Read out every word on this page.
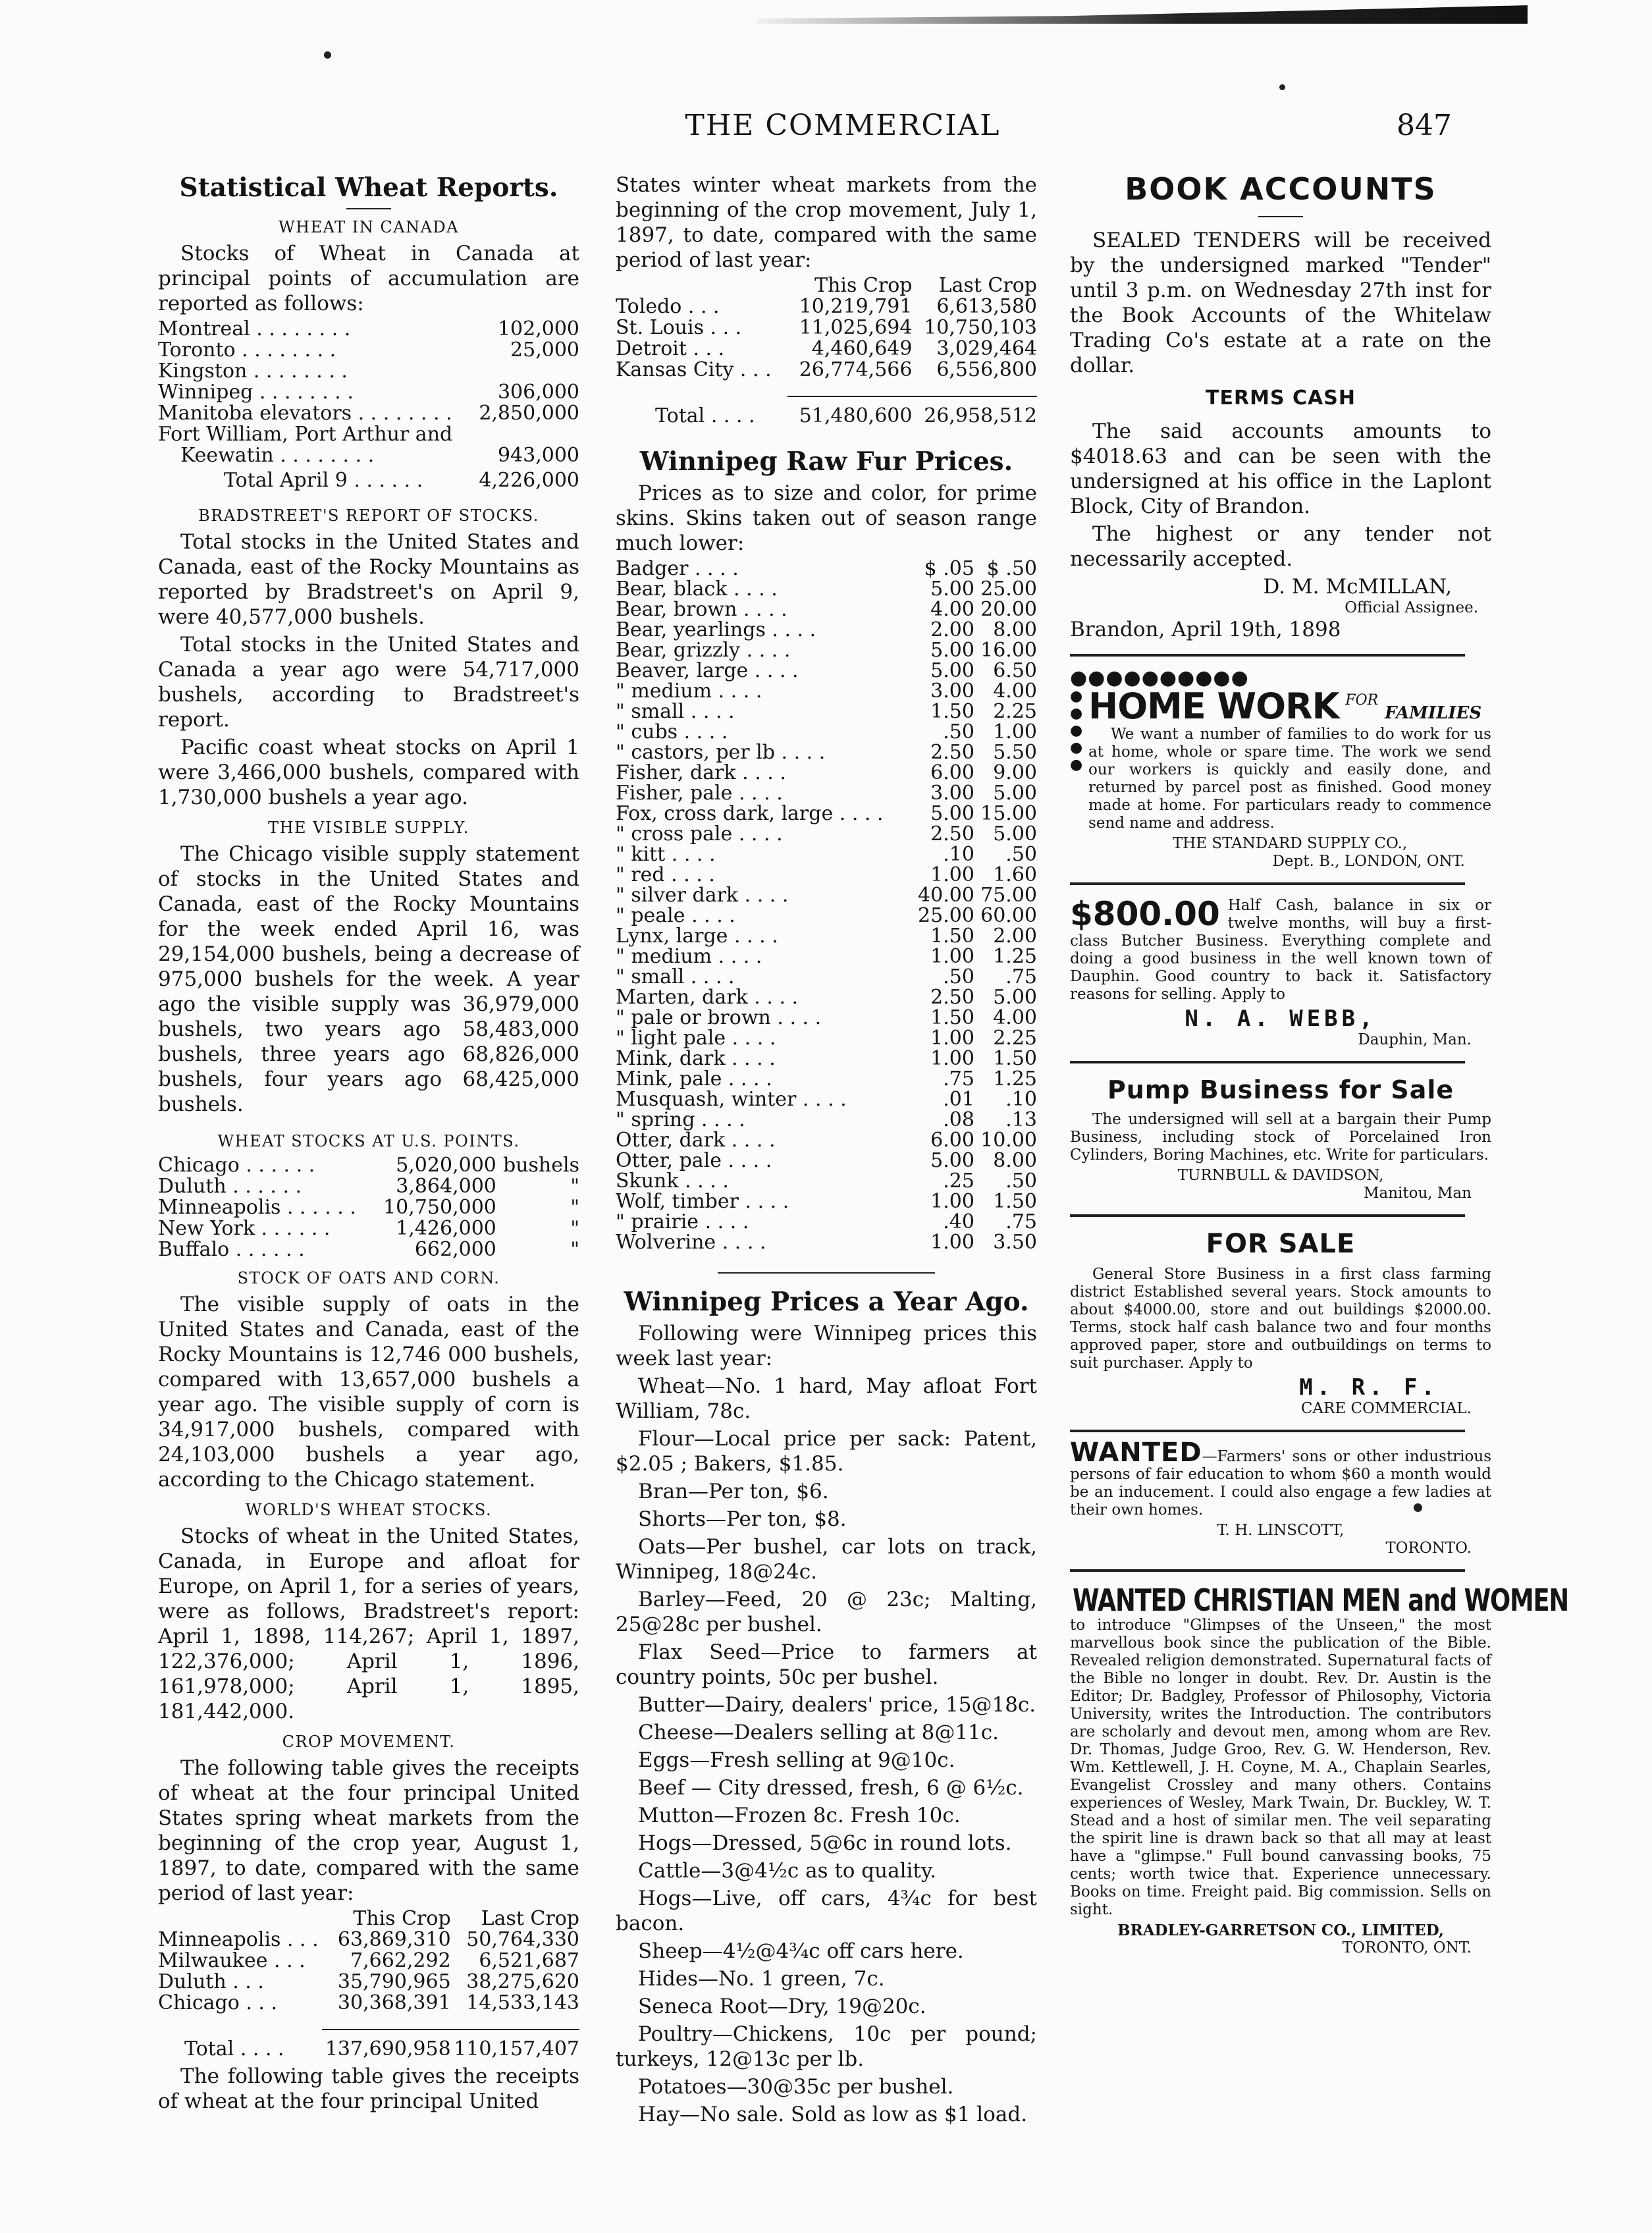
THE COMMERCIAL	847
Statistical Wheat Reports.
WHEAT IN CANADA

Stocks of Wheat in Canada at principal points of accumulation are reported as follows:

Montreal . . . . . . . .	102,000
Toronto . . . . . . . .	25,000
Kingston . . . . . . . .	
Winnipeg . . . . . . . .	306,000
Manitoba elevators . . . . . . . .	2,850,000
Fort William, Port Arthur and	
Keewatin . . . . . . . .	943,000
Total April 9 . . . . . .	4,226,000
BRADSTREET'S REPORT OF STOCKS.

Total stocks in the United States and Canada, east of the Rocky Mountains as reported by Bradstreet's on April 9, were 40,577,000 bushels.

Total stocks in the United States and Canada a year ago were 54,717,000 bushels, according to Bradstreet's report.

Pacific coast wheat stocks on April 1 were 3,466,000 bushels, compared with 1,730,000 bushels a year ago.

THE VISIBLE SUPPLY.

The Chicago visible supply statement of stocks in the United States and Canada, east of the Rocky Mountains for the week ended April 16, was 29,154,000 bushels, being a decrease of 975,000 bushels for the week. A year ago the visible supply was 36,979,000 bushels, two years ago 58,483,000 bushels, three years ago 68,826,000 bushels, four years ago 68,425,000 bushels.

WHEAT STOCKS AT U.S. POINTS.
Chicago . . . . . .	5,020,000	bushels
Duluth . . . . . .	3,864,000	"
Minneapolis . . . . . .	10,750,000	"
New York . . . . . .	1,426,000	"
Buffalo . . . . . .	662,000	"
STOCK OF OATS AND CORN.

The visible supply of oats in the United States and Canada, east of the Rocky Mountains is 12,746 000 bushels, compared with 13,657,000 bushels a year ago. The visible supply of corn is 34,917,000 bushels, compared with 24,103,000 bushels a year ago, according to the Chicago statement.

WORLD'S WHEAT STOCKS.

Stocks of wheat in the United States, Canada, in Europe and afloat for Europe, on April 1, for a series of years, were as follows, Bradstreet's report: April 1, 1898, 114,267; April 1, 1897, 122,376,000; April 1, 1896, 161,978,000; April 1, 1895, 181,442,000.

CROP MOVEMENT.

The following table gives the receipts of wheat at the four principal United States spring wheat markets from the beginning of the crop year, August 1, 1897, to date, compared with the same period of last year:

	This Crop	Last Crop
Minneapolis . . .	63,869,310	50,764,330
Milwaukee . . .	7,662,292	6,521,687
Duluth . . .	35,790,965	38,275,620
Chicago . . .	30,368,391	14,533,143

Total . . . .	137,690,958	110,157,407

The following table gives the receipts of wheat at the four principal United

States winter wheat markets from the beginning of the crop movement, July 1, 1897, to date, compared with the same period of last year:

	This Crop	Last Crop
Toledo . . .	10,219,791	6,613,580
St. Louis . . .	11,025,694	10,750,103
Detroit . . .	4,460,649	3,029,464
Kansas City . . .	26,774,566	6,556,800

Total . . . .	51,480,600	26,958,512
Winnipeg Raw Fur Prices.

Prices as to size and color, for prime skins. Skins taken out of season range much lower:

Badger . . . .	$ .05	$ .50
Bear, black . . . .	5.00	25.00
Bear, brown . . . .	4.00	20.00
Bear, yearlings . . . .	2.00	8.00
Bear, grizzly . . . .	5.00	16.00
Beaver, large . . . .	5.00	6.50
" medium . . . .	3.00	4.00
" small . . . .	1.50	2.25
" cubs . . . .	.50	1.00
" castors, per lb . . . .	2.50	5.50
Fisher, dark . . . .	6.00	9.00
Fisher, pale . . . .	3.00	5.00
Fox, cross dark, large . . . .	5.00	15.00
" cross pale . . . .	2.50	5.00
" kitt . . . .	.10	.50
" red . . . .	1.00	1.60
" silver dark . . . .	40.00	75.00
" peale . . . .	25.00	60.00
Lynx, large . . . .	1.50	2.00
" medium . . . .	1.00	1.25
" small . . . .	.50	.75
Marten, dark . . . .	2.50	5.00
" pale or brown . . . .	1.50	4.00
" light pale . . . .	1.00	2.25
Mink, dark . . . .	1.00	1.50
Mink, pale . . . .	.75	1.25
Musquash, winter . . . .	.01	.10
" spring . . . .	.08	.13
Otter, dark . . . .	6.00	10.00
Otter, pale . . . .	5.00	8.00
Skunk . . . .	.25	.50
Wolf, timber . . . .	1.00	1.50
" prairie . . . .	.40	.75
Wolverine . . . .	1.00	3.50
Winnipeg Prices a Year Ago.

Following were Winnipeg prices this week last year:

Wheat—No. 1 hard, May afloat Fort William, 78c.

Flour—Local price per sack: Patent, $2.05 ; Bakers, $1.85.

Bran—Per ton, $6.

Shorts—Per ton, $8.

Oats—Per bushel, car lots on track, Winnipeg, 18@24c.

Barley—Feed, 20 @ 23c; Malting, 25@28c per bushel.

Flax Seed—Price to farmers at country points, 50c per bushel.

Butter—Dairy, dealers' price, 15@18c.

Cheese—Dealers selling at 8@11c.

Eggs—Fresh selling at 9@10c.

Beef — City dressed, fresh, 6 @ 6½c.

Mutton—Frozen 8c. Fresh 10c.

Hogs—Dressed, 5@6c in round lots.

Cattle—3@4½c as to quality.

Hogs—Live, off cars, 4¾c for best bacon.

Sheep—4½@4¾c off cars here.

Hides—No. 1 green, 7c.

Seneca Root—Dry, 19@20c.

Poultry—Chickens, 10c per pound; turkeys, 12@13c per lb.

Potatoes—30@35c per bushel.

Hay—No sale. Sold as low as $1 load.

BOOK ACCOUNTS

SEALED TENDERS will be received by the undersigned marked "Tender" until 3 p.m. on Wednesday 27th inst for the Book Accounts of the Whitelaw Trading Co's estate at a rate on the dollar.

TERMS CASH

The said accounts amounts to $4018.63 and can be seen with the undersigned at his office in the Laplont Block, City of Brandon.

The highest or any tender not necessarily accepted.

D. M. McMILLAN,
Official Assignee.
Brandon, April 19th, 1898
●●●●●●●●●●
●
●
●
●
●
HOME WORK $^{FOR}$ FAMILIES

We want a number of families to do work for us at home, whole or spare time. The work we send our workers is quickly and easily done, and returned by parcel post as finished. Good money made at home. For particulars ready to commence send name and address.

THE STANDARD SUPPLY CO.,
Dept. B., LONDON, ONT.
$800.00 Half Cash, balance in six or twelve months, will buy a first-class Butcher Business. Everything complete and doing a good business in the well known town of Dauphin. Good country to back it. Satisfactory reasons for selling. Apply to

N. A. WEBB,
Dauphin, Man.
Pump Business for Sale

The undersigned will sell at a bargain their Pump Business, including stock of Porcelained Iron Cylinders, Boring Machines, etc. Write for particulars.

TURNBULL & DAVIDSON,
Manitou, Man
FOR SALE

General Store Business in a first class farming district Established several years. Stock amounts to about $4000.00, store and out buildings $2000.00. Terms, stock half cash balance two and four months approved paper, store and outbuildings on terms to suit purchaser. Apply to

M. R. F.
CARE COMMERCIAL.

WANTED—Farmers' sons or other industrious persons of fair education to whom $60 a month would be an inducement. I could also engage a few ladies at their own homes.

T. H. LINSCOTT,
TORONTO.
WANTED CHRISTIAN MEN and WOMEN

to introduce "Glimpses of the Unseen," the most marvellous book since the publication of the Bible. Revealed religion demonstrated. Supernatural facts of the Bible no longer in doubt. Rev. Dr. Austin is the Editor; Dr. Badgley, Professor of Philosophy, Victoria University, writes the Introduction. The contributors are scholarly and devout men, among whom are Rev. Dr. Thomas, Judge Groo, Rev. G. W. Henderson, Rev. Wm. Kettlewell, J. H. Coyne, M. A., Chaplain Searles, Evangelist Crossley and many others. Contains experiences of Wesley, Mark Twain, Dr. Buckley, W. T. Stead and a host of similar men. The veil separating the spirit line is drawn back so that all may at least have a "glimpse." Full bound canvassing books, 75 cents; worth twice that. Experience unnecessary. Books on time. Freight paid. Big commission. Sells on sight.

BRADLEY-GARRETSON CO., LIMITED,
TORONTO, ONT.
